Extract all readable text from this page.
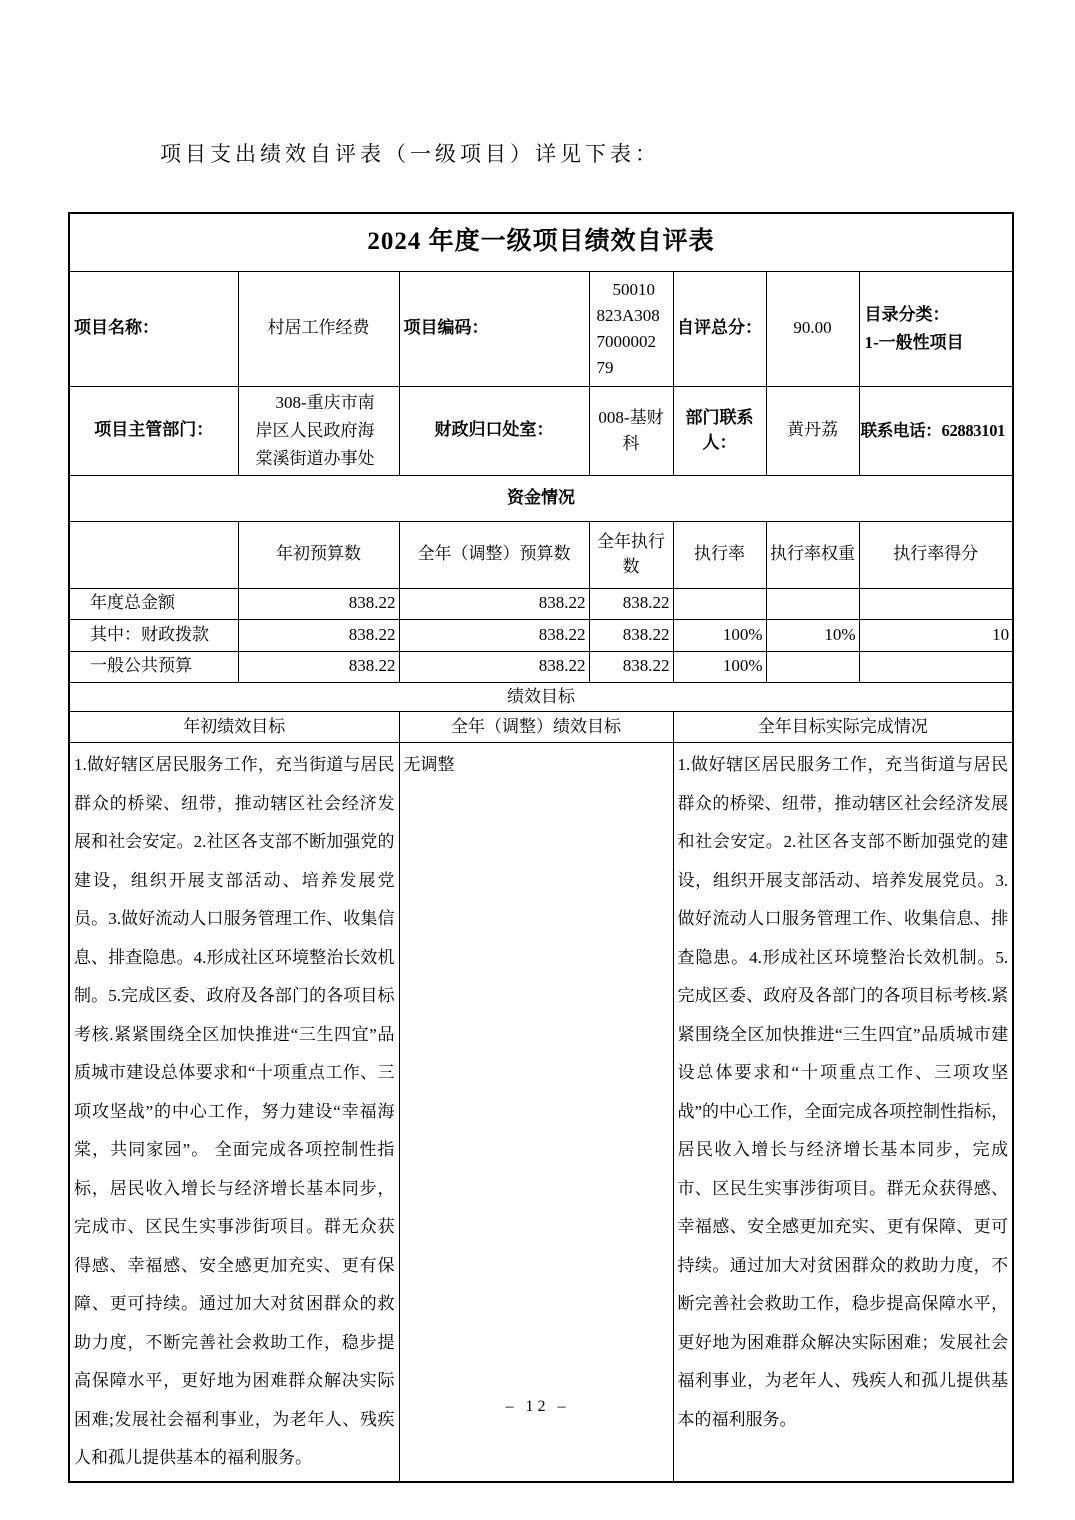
项目支出绩效自评表（一级项目）详见下表：

2024 年度一级项目绩效自评表						
项目名称：	村居工作经费	项目编码：	50010823A308700000279	自评总分：	90.00	目录分类：
1-一般性项目

项目主管部门：	308-重庆市南岸区人民政府海棠溪街道办事处	财政归口处室：	008-基财科	部门联系人：	黄丹荔	联系电话：62883101
资金情况						
	年初预算数	全年（调整）预算数	全年执行数	执行率	执行率权重	执行率得分
年度总金额	838.22	838.22	838.22			
其中：财政拨款	838.22	838.22	838.22	100%	10%	10
一般公共预算	838.22	838.22	838.22	100%		
绩效目标						
年初绩效目标		全年（调整）绩效目标		全年目标实际完成情况		
1.做好辖区居民服务工作，充当街道与居民群众的桥梁、纽带，推动辖区社会经济发展和社会安定。2.社区各支部不断加强党的建设，组织开展支部活动、培养发展党员。3.做好流动人口服务管理工作、收集信息、排查隐患。4.形成社区环境整治长效机制。5.完成区委、政府及各部门的各项目标考核.紧紧围绕全区加快推进“三生四宜”品质城市建设总体要求和“十项重点工作、三项攻坚战”的中心工作，努力建设“幸福海棠，共同家园”。 全面完成各项控制性指标，居民收入增长与经济增长基本同步，完成市、区民生实事涉街项目。群无众获得感、幸福感、安全感更加充实、更有保障、更可持续。通过加大对贫困群众的救助力度，不断完善社会救助工作，稳步提高保障水平，更好地为困难群众解决实际困难;发展社会福利事业，为老年人、残疾人和孤儿提供基本的福利服务。	无调整	1.做好辖区居民服务工作，充当街道与居民群众的桥梁、纽带，推动辖区社会经济发展和社会安定。2.社区各支部不断加强党的建设，组织开展支部活动、培养发展党员。3.做好流动人口服务管理工作、收集信息、排查隐患。4.形成社区环境整治长效机制。5.完成区委、政府及各部门的各项目标考核.紧紧围绕全区加快推进“三生四宜”品质城市建设总体要求和“十项重点工作、三项攻坚战”的中心工作，全面完成各项控制性指标，居民收入增长与经济增长基本同步，完成市、区民生实事涉街项目。群无众获得感、幸福感、安全感更加充实、更有保障、更可持续。通过加大对贫困群众的救助力度，不断完善社会救助工作，稳步提高保障水平，更好地为困难群众解决实际困难；发展社会福利事业，为老年人、残疾人和孤儿提供基本的福利服务。
– 12 –
